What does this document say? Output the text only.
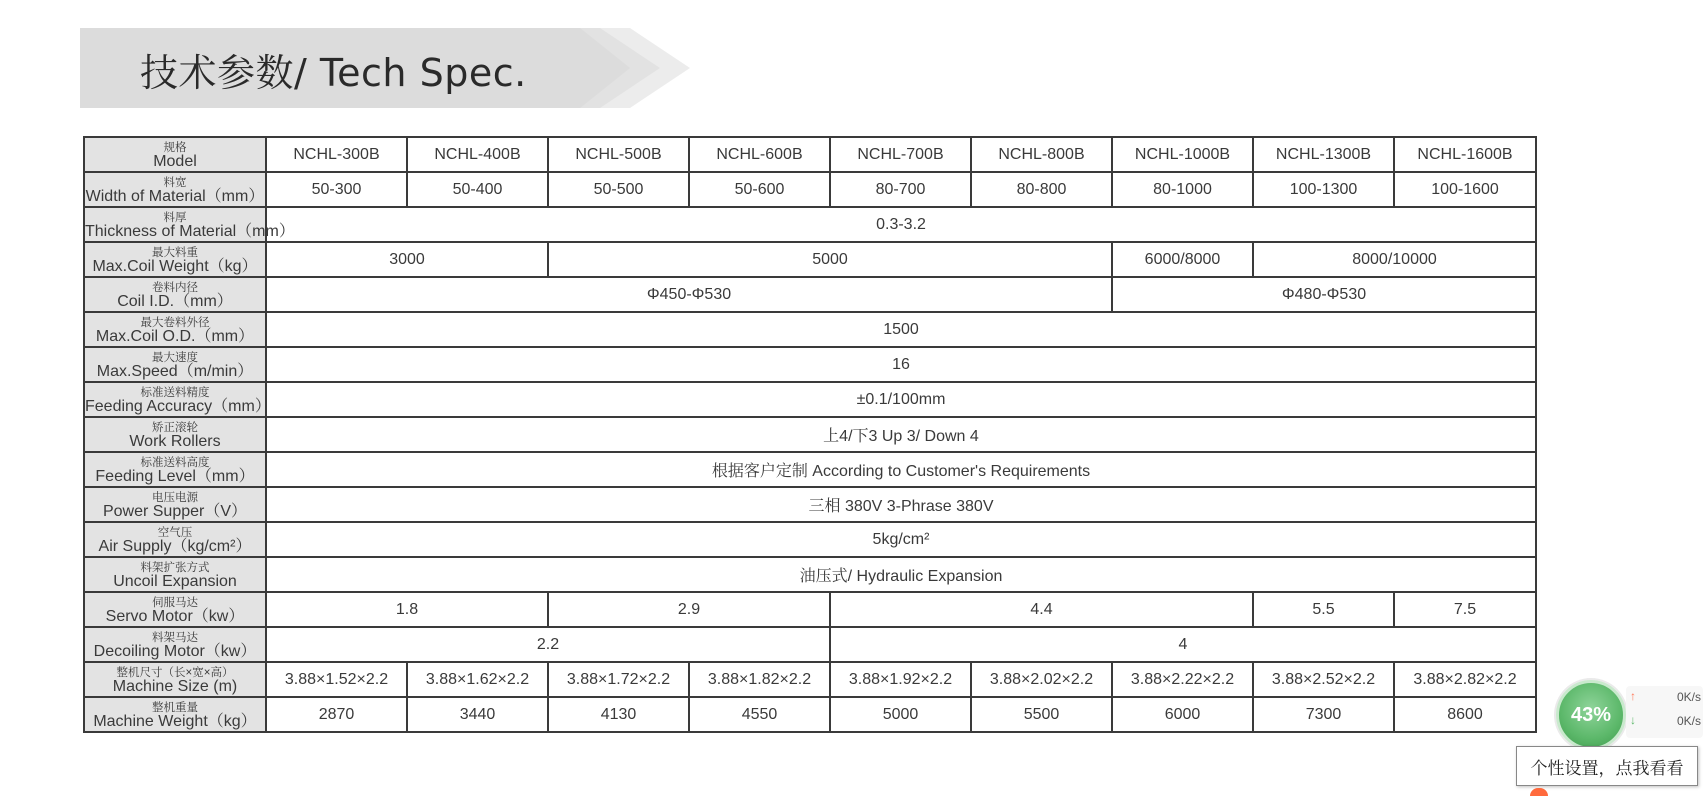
技术参数/ Tech Spec.
规格
Model	NCHL-300B	NCHL-400B	NCHL-500B	NCHL-600B	NCHL-700B	NCHL-800B	NCHL-1000B	NCHL-1300B	NCHL-1600B

料宽
Width of Material（mm）	50-300	50-400	50-500	50-600	80-700	80-800	80-1000	100-1300	100-1600

料厚
Thickness of Material（mm）	0.3-3.2								

最大料重
Max.Coil Weight（kg）	3000		5000				6000/8000	8000/10000	

卷料内径
Coil I.D.（mm）	Φ450-Φ530						Φ480-Φ530		

最大卷料外径
Max.Coil O.D.（mm）	1500								

最大速度
Max.Speed（m/min）	16								

标准送料精度
Feeding Accuracy（mm）	±0.1/100mm								

矫正滚轮
Work Rollers	上4/下3 Up 3/ Down 4								

标准送料高度
Feeding Level（mm）	根据客户定制 According to Customer's Requirements								

电压电源
Power Supper（V）	三相 380V 3-Phrase 380V								

空气压
Air Supply（kg/cm²）	5kg/cm²								

料架扩张方式
Uncoil Expansion	油压式/ Hydraulic Expansion								

伺服马达
Servo Motor（kw）	1.8		2.9		4.4			5.5	7.5

料架马达
Decoiling Motor（kw）	2.2				4				

整机尺寸（长×宽×高）
Machine Size (m)	3.88×1.52×2.2	3.88×1.62×2.2	3.88×1.72×2.2	3.88×1.82×2.2	3.88×1.92×2.2	3.88×2.02×2.2	3.88×2.22×2.2	3.88×2.52×2.2	3.88×2.82×2.2

整机重量
Machine Weight（kg）	2870	3440	4130	4550	5000	5500	6000	7300	8600	43%
↑	0K/s
↓	0K/s
个性设置，点我看看
